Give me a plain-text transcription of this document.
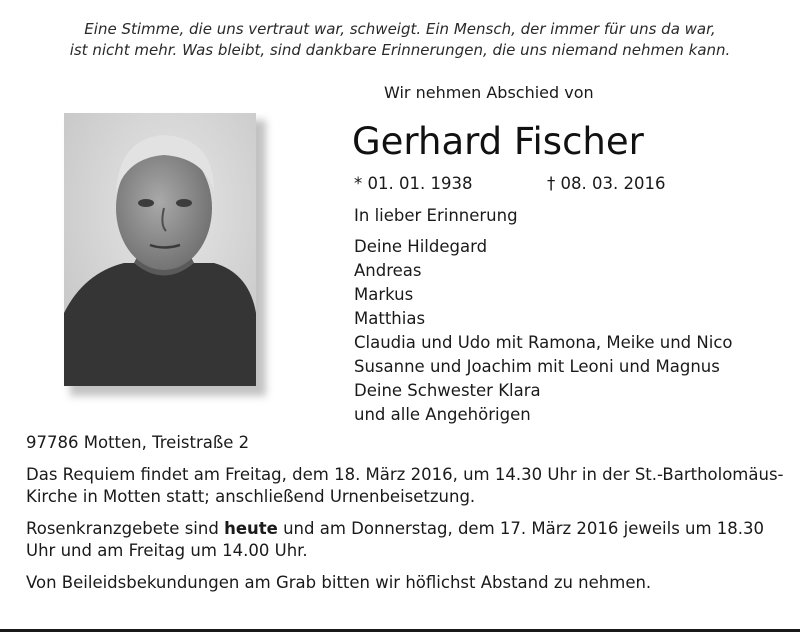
Eine Stimme, die uns vertraut war, schweigt. Ein Mensch, der immer für uns da war,
ist nicht mehr. Was bleibt, sind dankbare Erinnerungen, die uns niemand nehmen kann.
Wir nehmen Abschied von
Gerhard Fischer
* 01. 01. 1938	† 08. 03. 2016
In lieber Erinnerung
Deine Hildegard
Andreas
Markus
Matthias
Claudia und Udo mit Ramona, Meike und Nico
Susanne und Joachim mit Leoni und Magnus
Deine Schwester Klara
und alle Angehörigen

97786 Motten, Treistraße 2

Das Requiem findet am Freitag, dem 18. März 2016, um 14.30 Uhr in der St.-Bartholomäus-Kirche in Motten statt; anschließend Urnenbeisetzung.

Rosenkranzgebete sind heute und am Donnerstag, dem 17. März 2016 jeweils um 18.30 Uhr und am Freitag um 14.00 Uhr.

Von Beileidsbekundungen am Grab bitten wir höflichst Abstand zu nehmen.
